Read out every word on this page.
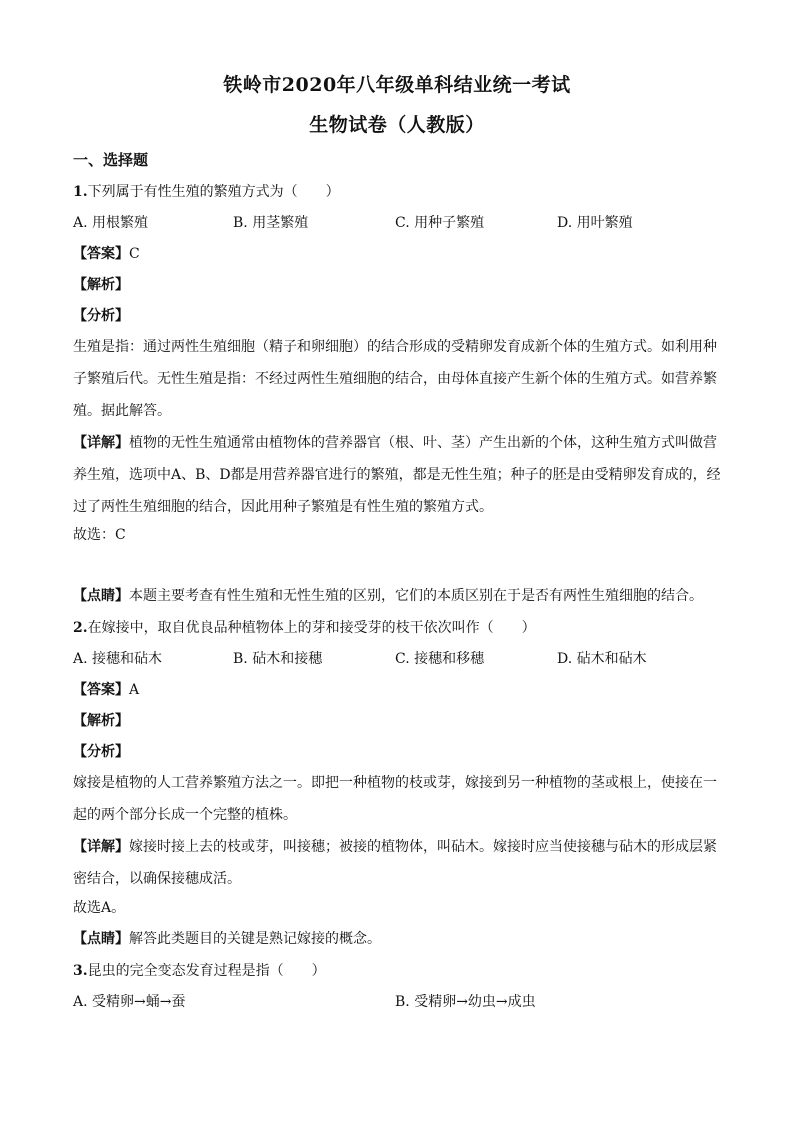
铁岭市2020年八年级单科结业统一考试
生物试卷（人教版）
一、选择题
1.下列属于有性生殖的繁殖方式为（　　）
A. 用根繁殖	B. 用茎繁殖	C. 用种子繁殖	D. 用叶繁殖
【答案】C
【解析】
【分析】
生殖是指：通过两性生殖细胞（精子和卵细胞）的结合形成的受精卵发育成新个体的生殖方式。如利用种子繁殖后代。无性生殖是指：不经过两性生殖细胞的结合，由母体直接产生新个体的生殖方式。如营养繁殖。据此解答。
【详解】植物的无性生殖通常由植物体的营养器官（根、叶、茎）产生出新的个体，这种生殖方式叫做营养生殖，选项中A、B、D都是用营养器官进行的繁殖，都是无性生殖；种子的胚是由受精卵发育成的，经过了两性生殖细胞的结合，因此用种子繁殖是有性生殖的繁殖方式。
故选：C
【点睛】本题主要考查有性生殖和无性生殖的区别，它们的本质区别在于是否有两性生殖细胞的结合。
2.在嫁接中，取自优良品种植物体上的芽和接受芽的枝干依次叫作（　　）
A. 接穗和砧木	B. 砧木和接穗	C. 接穗和移穗	D. 砧木和砧木
【答案】A
【解析】
【分析】
嫁接是植物的人工营养繁殖方法之一。即把一种植物的枝或芽，嫁接到另一种植物的茎或根上，使接在一起的两个部分长成一个完整的植株。
【详解】嫁接时接上去的枝或芽，叫接穗；被接的植物体，叫砧木。嫁接时应当使接穗与砧木的形成层紧密结合，以确保接穗成活。
故选A。
【点睛】解答此类题目的关键是熟记嫁接的概念。
3.昆虫的完全变态发育过程是指（　　）
A. 受精卵→蛹→蚕	B. 受精卵→幼虫→成虫
